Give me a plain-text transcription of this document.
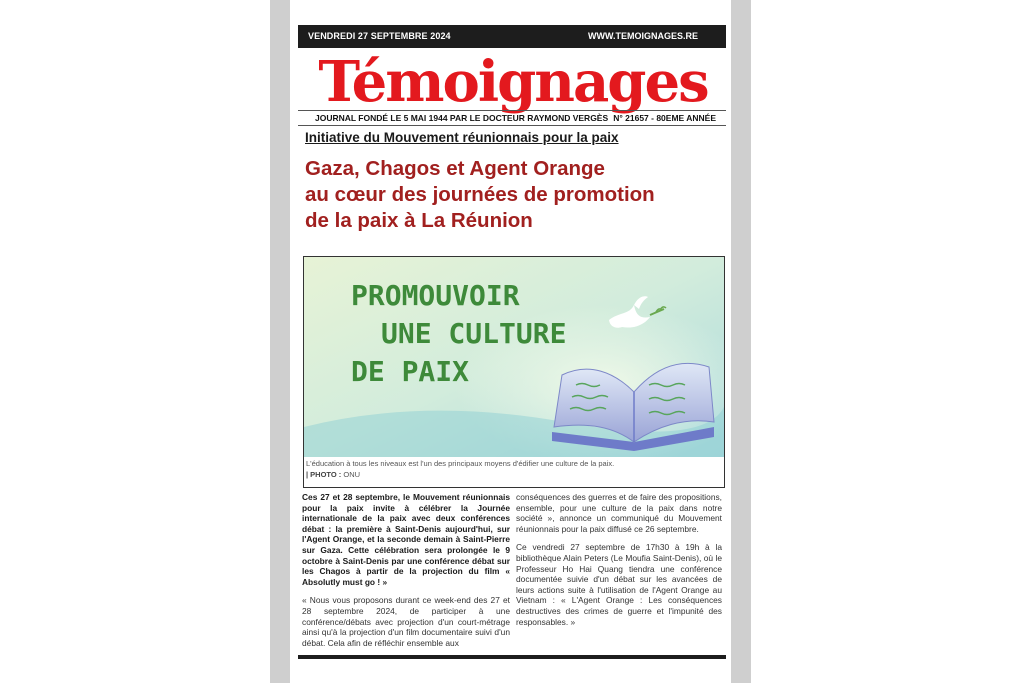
VENDREDI 27 SEPTEMBRE 2024	WWW.TEMOIGNAGES.RE
Témoignages
JOURNAL FONDÉ LE 5 MAI 1944 PAR LE DOCTEUR RAYMOND VERGÈS N° 21657 - 80EME ANNÉE
Initiative du Mouvement réunionnais pour la paix
Gaza, Chagos et Agent Orange
au cœur des journées de promotion
de la paix à La Réunion
PROMOUVOIR
UNE CULTURE
DE PAIX
L'éducation à tous les niveaux est l'un des principaux moyens d'édifier une culture de la paix.
| PHOTO : ONU

Ces 27 et 28 septembre, le Mouvement réunionnais pour la paix invite à célébrer la Journée internationale de la paix avec deux conférences débat : la première à Saint-Denis aujourd'hui, sur l'Agent Orange, et la seconde demain à Saint-Pierre sur Gaza. Cette célébration sera prolongée le 9 octobre à Saint-Denis par une conférence débat sur les Chagos à partir de la projection du film « Absolutly must go ! »

« Nous vous proposons durant ce week-end des 27 et 28 septembre 2024, de participer à une conférence/débats avec projection d'un court-métrage ainsi qu'à la projection d'un film documentaire suivi d'un débat. Cela afin de réfléchir ensemble aux

conséquences des guerres et de faire des propositions, ensemble, pour une culture de la paix dans notre société », annonce un communiqué du Mouvement réunionnais pour la paix diffusé ce 26 septembre.

Ce vendredi 27 septembre de 17h30 à 19h à la bibliothèque Alain Peters (Le Moufia Saint-Denis), où le Professeur Ho Hai Quang tiendra une conférence documentée suivie d'un débat sur les avancées de leurs actions suite à l'utilisation de l'Agent Orange au Vietnam : « L'Agent Orange : Les conséquences destructives des crimes de guerre et l'impunité des responsables. »
